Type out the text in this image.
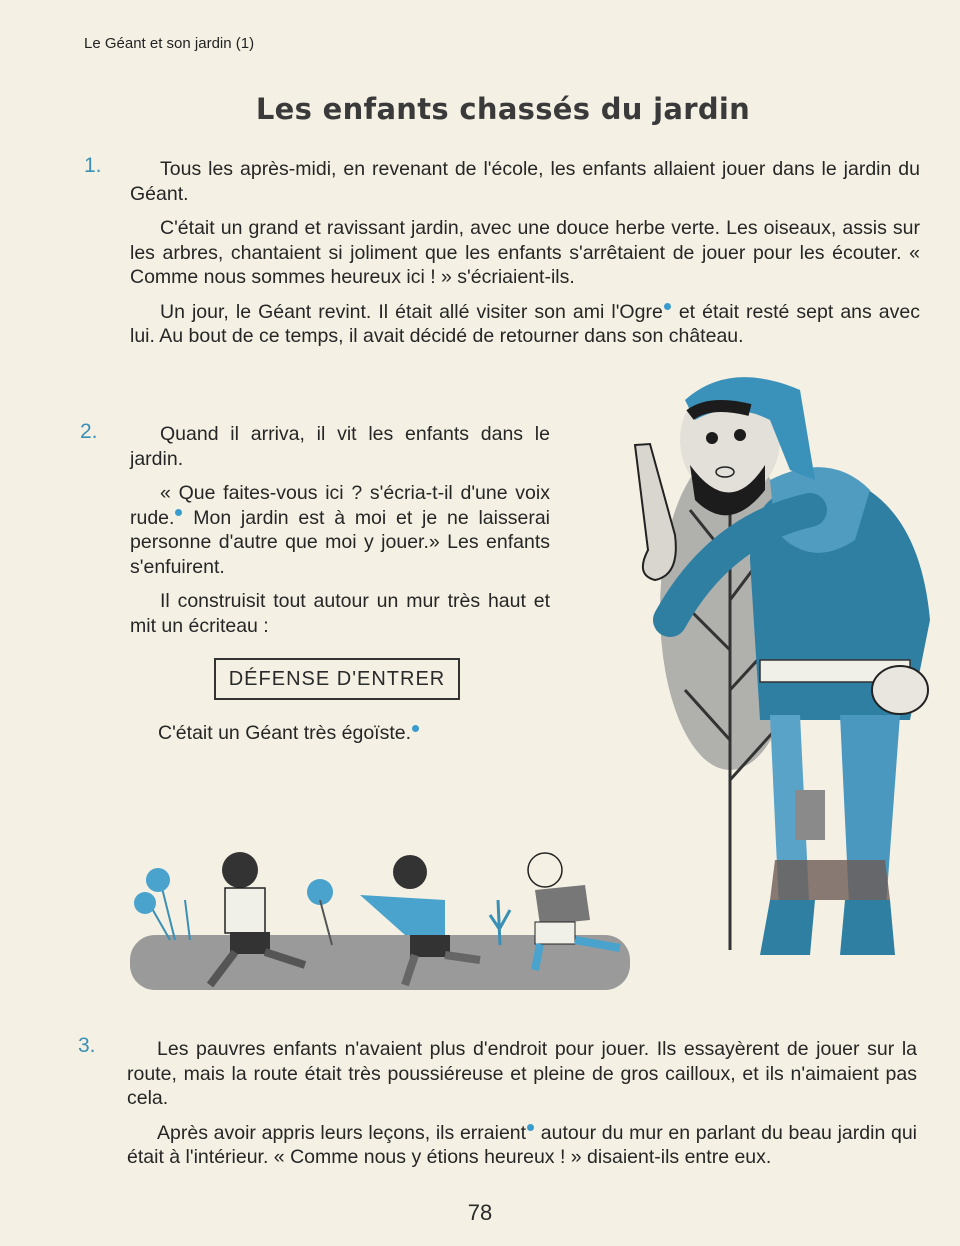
Le Géant et son jardin (1)
Les enfants chassés du jardin
1.	Tous les après-midi, en revenant de l'école, les enfants allaient jouer dans le jardin du Géant.

C'était un grand et ravissant jardin, avec une douce herbe verte. Les oiseaux, assis sur les arbres, chantaient si joliment que les enfants s'arrêtaient de jouer pour les écouter. « Comme nous sommes heureux ici ! » s'écriaient-ils.

Un jour, le Géant revint. Il était allé visiter son ami l'Ogre et était resté sept ans avec lui. Au bout de ce temps, il avait décidé de retourner dans son château.

2.	Quand il arriva, il vit les enfants dans le jardin.

« Que faites-vous ici ? s'écria-t-il d'une voix rude. Mon jardin est à moi et je ne laisserai personne d'autre que moi y jouer.» Les enfants s'enfuirent.

Il construisit tout autour un mur très haut et mit un écriteau :

DÉFENSE D'ENTRER
C'était un Géant très égoïste.
3.	Les pauvres enfants n'avaient plus d'endroit pour jouer. Ils essayèrent de jouer sur la route, mais la route était très poussiéreuse et pleine de gros cailloux, et ils n'aimaient pas cela.

Après avoir appris leurs leçons, ils erraient autour du mur en parlant du beau jardin qui était à l'intérieur. « Comme nous y étions heureux ! » disaient-ils entre eux.

78
